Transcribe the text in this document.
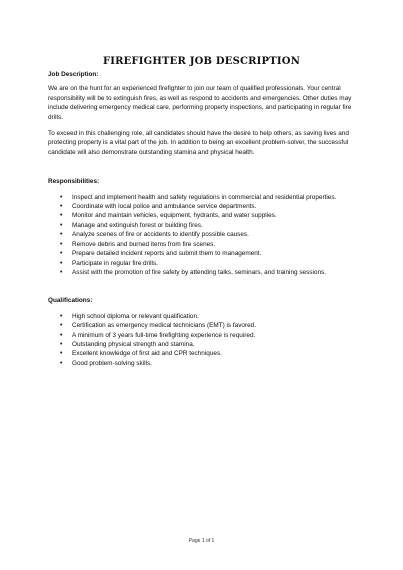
FIREFIGHTER JOB DESCRIPTION

Job Description:

We are on the hunt for an experienced firefighter to join our team of qualified professionals. Your central responsibility will be to extinguish fires, as well as respond to accidents and emergencies. Other duties may include delivering emergency medical care, performing property inspections, and participating in regular fire drills.

To exceed in this challenging role, all candidates should have the desire to help others, as saving lives and protecting property is a vital part of the job. In addition to being an excellent problem-solver, the successful candidate will also demonstrate outstanding stamina and physical health.

Responsibilities:

• Inspect and implement health and safety regulations in commercial and residential properties.
• Coordinate with local police and ambulance service departments.
• Monitor and maintain vehicles, equipment, hydrants, and water supplies.
• Manage and extinguish forest or building fires.
• Analyze scenes of fire or accidents to identify possible causes.
• Remove debris and burned items from fire scenes.
• Prepare detailed incident reports and submit them to management.
• Participate in regular fire drills.
• Assist with the promotion of fire safety by attending talks, seminars, and training sessions.

Qualifications:

• High school diploma or relevant qualification.
• Certification as emergency medical technicians (EMT) is favored.
• A minimum of 3 years full-time firefighting experience is required.
• Outstanding physical strength and stamina.
• Excellent knowledge of first aid and CPR techniques.
• Good problem-solving skills.
Page 1 of 1
